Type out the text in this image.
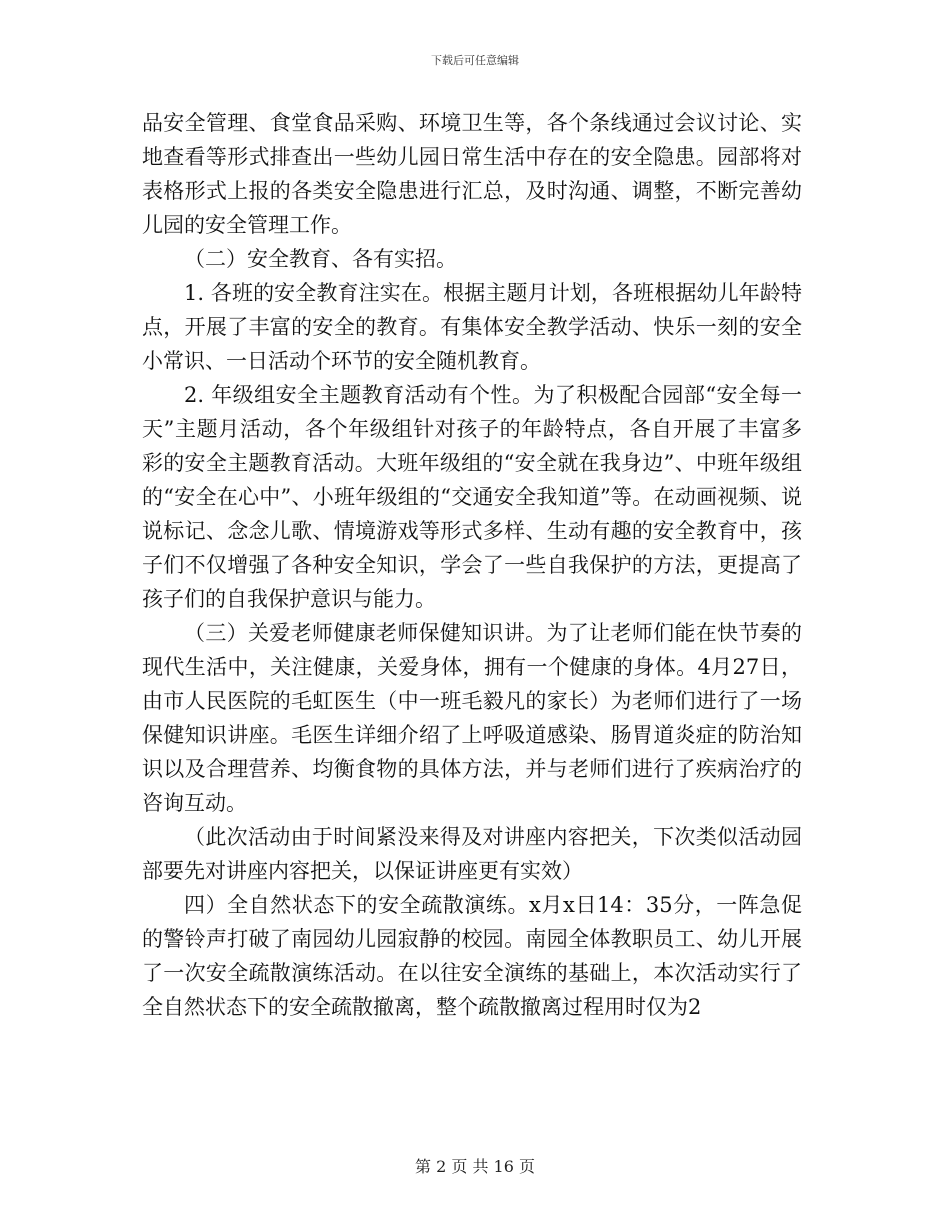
下载后可任意编辑

品安全管理、食堂食品采购、环境卫生等，各个条线通过会议讨论、实地查看等形式排查出一些幼儿园日常生活中存在的安全隐患。园部将对表格形式上报的各类安全隐患进行汇总，及时沟通、调整，不断完善幼儿园的安全管理工作。

（二）安全教育、各有实招。

1. 各班的安全教育注实在。根据主题月计划，各班根据幼儿年龄特点，开展了丰富的安全的教育。有集体安全教学活动、快乐一刻的安全小常识、一日活动个环节的安全随机教育。

2. 年级组安全主题教育活动有个性。为了积极配合园部“安全每一天”主题月活动，各个年级组针对孩子的年龄特点，各自开展了丰富多彩的安全主题教育活动。大班年级组的“安全就在我身边”、中班年级组的“安全在心中”、小班年级组的“交通安全我知道”等。在动画视频、说说标记、念念儿歌、情境游戏等形式多样、生动有趣的安全教育中，孩子们不仅增强了各种安全知识，学会了一些自我保护的方法，更提高了孩子们的自我保护意识与能力。

（三）关爱老师健康老师保健知识讲。为了让老师们能在快节奏的现代生活中，关注健康，关爱身体，拥有一个健康的身体。4月27日，由市人民医院的毛虹医生（中一班毛毅凡的家长）为老师们进行了一场保健知识讲座。毛医生详细介绍了上呼吸道感染、肠胃道炎症的防治知识以及合理营养、均衡食物的具体方法，并与老师们进行了疾病治疗的咨询互动。

（此次活动由于时间紧没来得及对讲座内容把关，下次类似活动园部要先对讲座内容把关，以保证讲座更有实效）

四）全自然状态下的安全疏散演练。x月x日14：35分，一阵急促的警铃声打破了南园幼儿园寂静的校园。南园全体教职员工、幼儿开展了一次安全疏散演练活动。在以往安全演练的基础上，本次活动实行了全自然状态下的安全疏散撤离，整个疏散撤离过程用时仅为2

第 2 页 共 16 页
